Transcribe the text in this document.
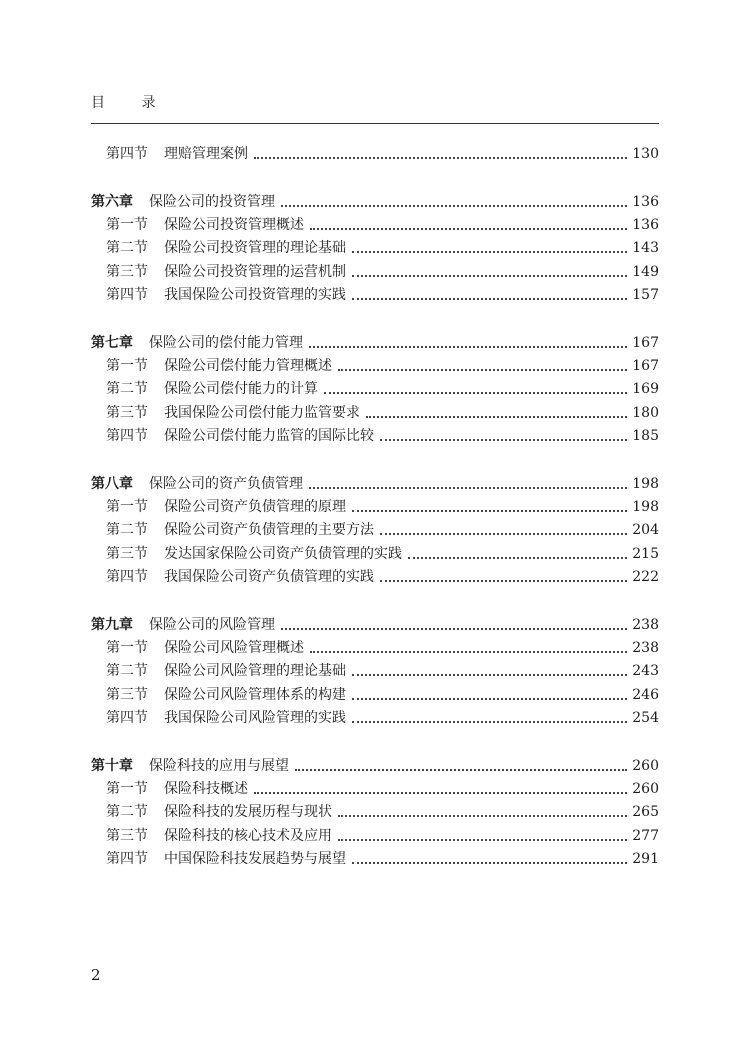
目 录
第四节 理赔管理案例	130
第六章 保险公司的投资管理	136
第一节 保险公司投资管理概述	136
第二节 保险公司投资管理的理论基础	143
第三节 保险公司投资管理的运营机制	149
第四节 我国保险公司投资管理的实践	157
第七章 保险公司的偿付能力管理	167
第一节 保险公司偿付能力管理概述	167
第二节 保险公司偿付能力的计算	169
第三节 我国保险公司偿付能力监管要求	180
第四节 保险公司偿付能力监管的国际比较	185
第八章 保险公司的资产负债管理	198
第一节 保险公司资产负债管理的原理	198
第二节 保险公司资产负债管理的主要方法	204
第三节 发达国家保险公司资产负债管理的实践	215
第四节 我国保险公司资产负债管理的实践	222
第九章 保险公司的风险管理	238
第一节 保险公司风险管理概述	238
第二节 保险公司风险管理的理论基础	243
第三节 保险公司风险管理体系的构建	246
第四节 我国保险公司风险管理的实践	254
第十章 保险科技的应用与展望	260
第一节 保险科技概述	260
第二节 保险科技的发展历程与现状	265
第三节 保险科技的核心技术及应用	277
第四节 中国保险科技发展趋势与展望	291
2
